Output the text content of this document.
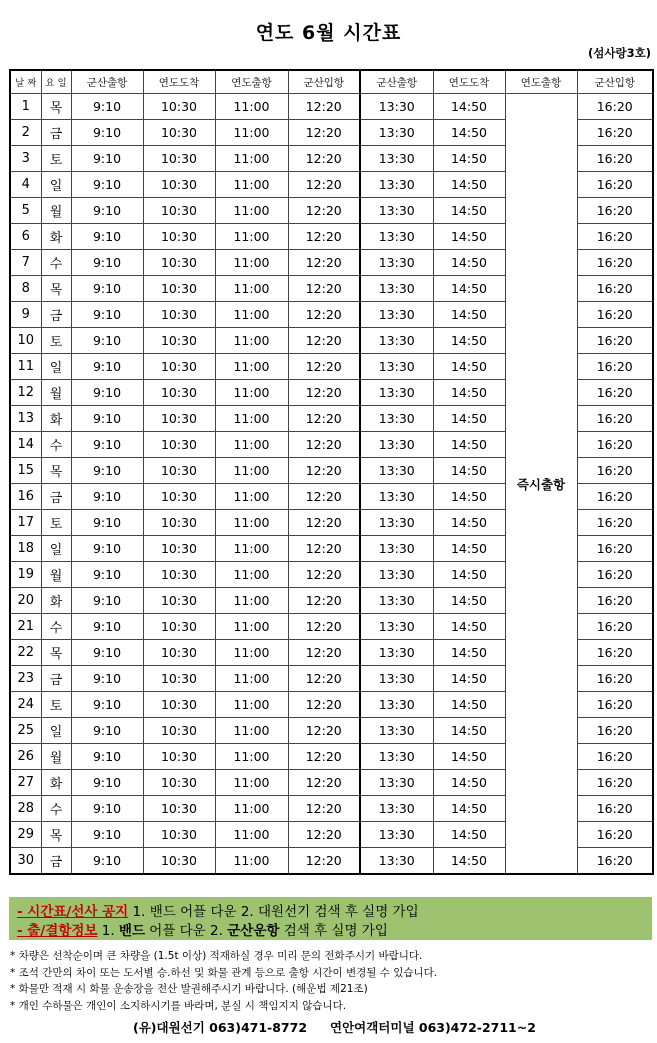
연도 6월 시간표
(섬사랑3호)
날 짜	요 일	군산출항	연도도착	연도출항	군산입항	군산출항	연도도착	연도출항	군산입항
1	목	9:10	10:30	11:00	12:20	13:30	14:50	즉시출항	16:20
2	금	9:10	10:30	11:00	12:20	13:30	14:50		16:20
3	토	9:10	10:30	11:00	12:20	13:30	14:50		16:20
4	일	9:10	10:30	11:00	12:20	13:30	14:50		16:20
5	월	9:10	10:30	11:00	12:20	13:30	14:50		16:20
6	화	9:10	10:30	11:00	12:20	13:30	14:50		16:20
7	수	9:10	10:30	11:00	12:20	13:30	14:50		16:20
8	목	9:10	10:30	11:00	12:20	13:30	14:50		16:20
9	금	9:10	10:30	11:00	12:20	13:30	14:50		16:20
10	토	9:10	10:30	11:00	12:20	13:30	14:50		16:20
11	일	9:10	10:30	11:00	12:20	13:30	14:50		16:20
12	월	9:10	10:30	11:00	12:20	13:30	14:50		16:20
13	화	9:10	10:30	11:00	12:20	13:30	14:50		16:20
14	수	9:10	10:30	11:00	12:20	13:30	14:50		16:20
15	목	9:10	10:30	11:00	12:20	13:30	14:50		16:20
16	금	9:10	10:30	11:00	12:20	13:30	14:50		16:20
17	토	9:10	10:30	11:00	12:20	13:30	14:50		16:20
18	일	9:10	10:30	11:00	12:20	13:30	14:50		16:20
19	월	9:10	10:30	11:00	12:20	13:30	14:50		16:20
20	화	9:10	10:30	11:00	12:20	13:30	14:50		16:20
21	수	9:10	10:30	11:00	12:20	13:30	14:50		16:20
22	목	9:10	10:30	11:00	12:20	13:30	14:50		16:20
23	금	9:10	10:30	11:00	12:20	13:30	14:50		16:20
24	토	9:10	10:30	11:00	12:20	13:30	14:50		16:20
25	일	9:10	10:30	11:00	12:20	13:30	14:50		16:20
26	월	9:10	10:30	11:00	12:20	13:30	14:50		16:20
27	화	9:10	10:30	11:00	12:20	13:30	14:50		16:20
28	수	9:10	10:30	11:00	12:20	13:30	14:50		16:20
29	목	9:10	10:30	11:00	12:20	13:30	14:50		16:20
30	금	9:10	10:30	11:00	12:20	13:30	14:50		16:20
- 시간표/선사 공지 1. 밴드 어플 다운 2. 대원선기 검색 후 실명 가입
- 출/결항정보 1. 밴드 어플 다운 2. 군산운항 검색 후 실명 가입
* 차량은 선착순이며 큰 차량을 (1.5t 이상) 적재하실 경우 미리 문의 전화주시기 바랍니다.
* 조석 간만의 차이 또는 도서별 승.하선 및 화물 관계 등으로 출항 시간이 변경될 수 있습니다.
* 화물만 적재 시 화물 운송장을 전산 발권해주시기 바랍니다. (해운법 제21조)
* 개인 수하물은 개인이 소지하시기를 바라며, 분실 시 책임지지 않습니다.
(유)대원선기 063)471-8772 연안여객터미널 063)472-2711~2
